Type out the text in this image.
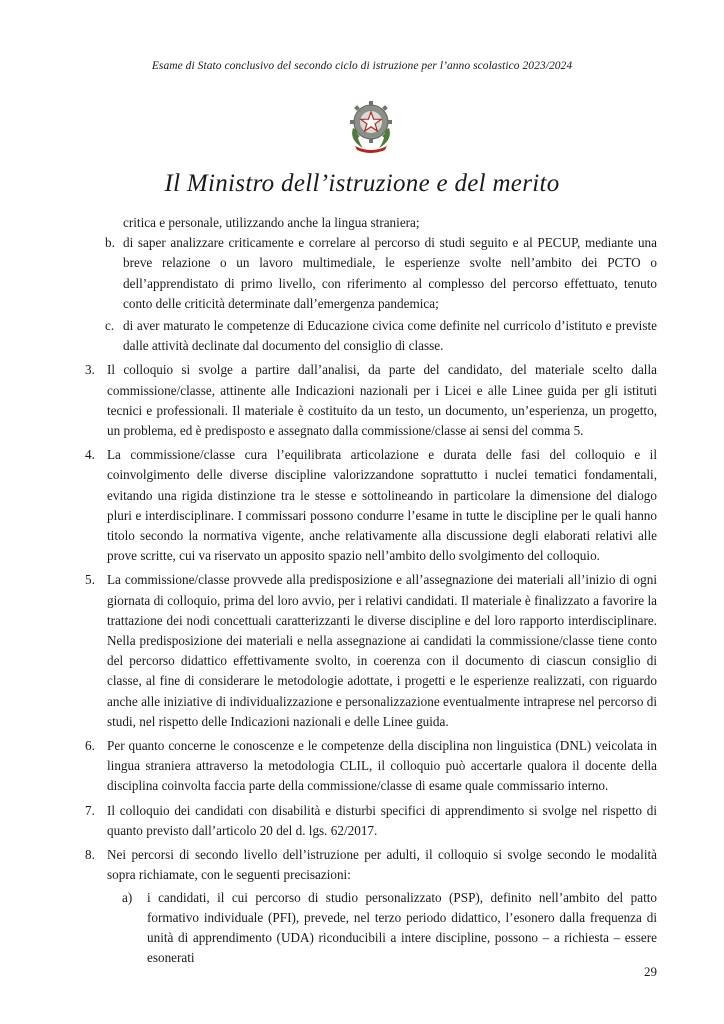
Esame di Stato conclusivo del secondo ciclo di istruzione per l’anno scolastico 2023/2024
Il Ministro dell’istruzione e del merito

critica e personale, utilizzando anche la lingua straniera;

b. di saper analizzare criticamente e correlare al percorso di studi seguito e al PECUP, mediante una breve relazione o un lavoro multimediale, le esperienze svolte nell’ambito dei PCTO o dell’apprendistato di primo livello, con riferimento al complesso del percorso effettuato, tenuto conto delle criticità determinate dall’emergenza pandemica;

c. di aver maturato le competenze di Educazione civica come definite nel curricolo d’istituto e previste dalle attività declinate dal documento del consiglio di classe.

3. Il colloquio si svolge a partire dall’analisi, da parte del candidato, del materiale scelto dalla commissione/classe, attinente alle Indicazioni nazionali per i Licei e alle Linee guida per gli istituti tecnici e professionali. Il materiale è costituito da un testo, un documento, un’esperienza, un progetto, un problema, ed è predisposto e assegnato dalla commissione/classe ai sensi del comma 5.

4. La commissione/classe cura l’equilibrata articolazione e durata delle fasi del colloquio e il coinvolgimento delle diverse discipline valorizzandone soprattutto i nuclei tematici fondamentali, evitando una rigida distinzione tra le stesse e sottolineando in particolare la dimensione del dialogo pluri e interdisciplinare. I commissari possono condurre l’esame in tutte le discipline per le quali hanno titolo secondo la normativa vigente, anche relativamente alla discussione degli elaborati relativi alle prove scritte, cui va riservato un apposito spazio nell’ambito dello svolgimento del colloquio.

5. La commissione/classe provvede alla predisposizione e all’assegnazione dei materiali all’inizio di ogni giornata di colloquio, prima del loro avvio, per i relativi candidati. Il materiale è finalizzato a favorire la trattazione dei nodi concettuali caratterizzanti le diverse discipline e del loro rapporto interdisciplinare. Nella predisposizione dei materiali e nella assegnazione ai candidati la commissione/classe tiene conto del percorso didattico effettivamente svolto, in coerenza con il documento di ciascun consiglio di classe, al fine di considerare le metodologie adottate, i progetti e le esperienze realizzati, con riguardo anche alle iniziative di individualizzazione e personalizzazione eventualmente intraprese nel percorso di studi, nel rispetto delle Indicazioni nazionali e delle Linee guida.

6. Per quanto concerne le conoscenze e le competenze della disciplina non linguistica (DNL) veicolata in lingua straniera attraverso la metodologia CLIL, il colloquio può accertarle qualora il docente della disciplina coinvolta faccia parte della commissione/classe di esame quale commissario interno.

7. Il colloquio dei candidati con disabilità e disturbi specifici di apprendimento si svolge nel rispetto di quanto previsto dall’articolo 20 del d. lgs. 62/2017.

8. Nei percorsi di secondo livello dell’istruzione per adulti, il colloquio si svolge secondo le modalità sopra richiamate, con le seguenti precisazioni:

a) i candidati, il cui percorso di studio personalizzato (PSP), definito nell’ambito del patto formativo individuale (PFI), prevede, nel terzo periodo didattico, l’esonero dalla frequenza di unità di apprendimento (UDA) riconducibili a intere discipline, possono – a richiesta – essere esonerati

29
